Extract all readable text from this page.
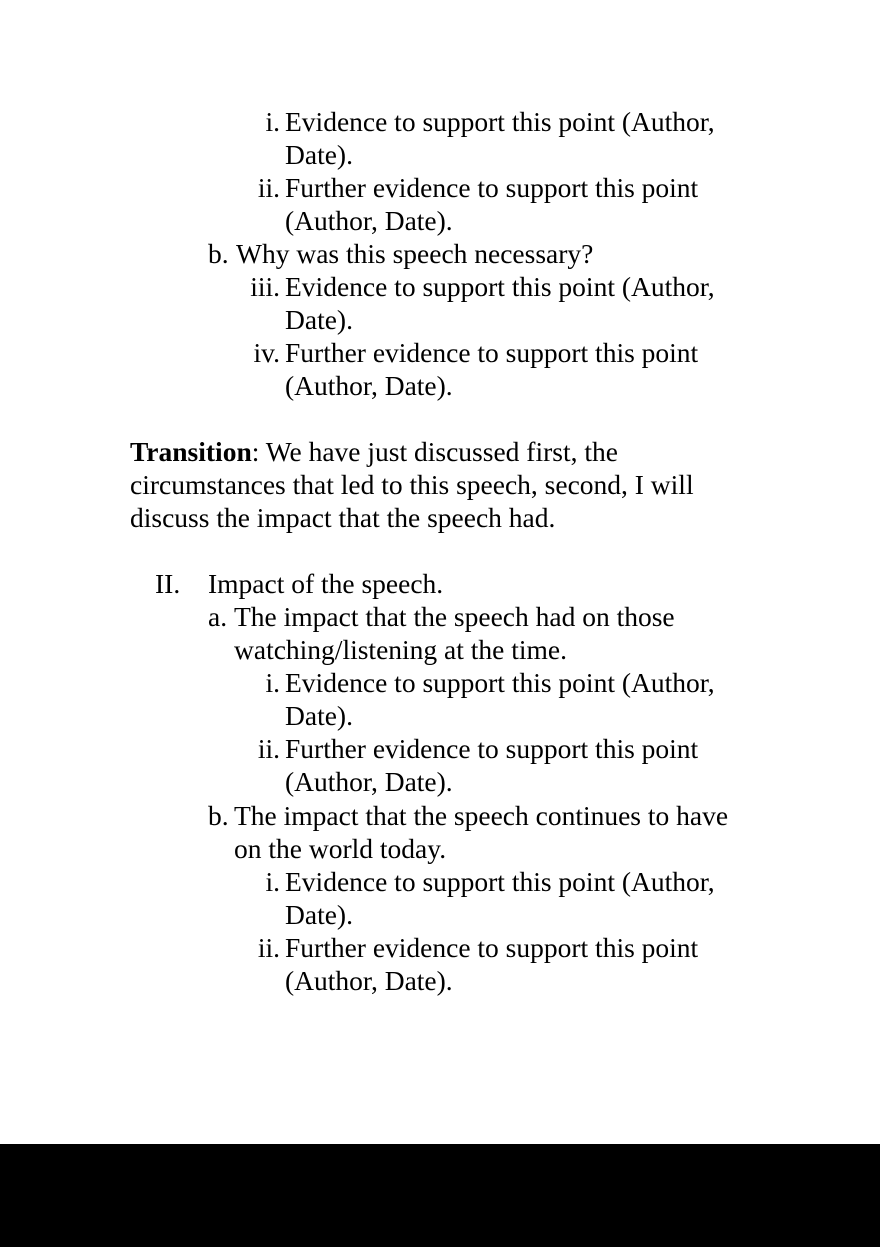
i. Evidence to support this point (Author,
Date).
ii. Further evidence to support this point
(Author, Date).
b. Why was this speech necessary?
iii. Evidence to support this point (Author,
Date).
iv. Further evidence to support this point
(Author, Date).
Transition: We have just discussed first, the
circumstances that led to this speech, second, I will
discuss the impact that the speech had.
II. Impact of the speech.
a. The impact that the speech had on those
watching/listening at the time.
i. Evidence to support this point (Author,
Date).
ii. Further evidence to support this point
(Author, Date).
b. The impact that the speech continues to have
on the world today.
i. Evidence to support this point (Author,
Date).
ii. Further evidence to support this point
(Author, Date).
